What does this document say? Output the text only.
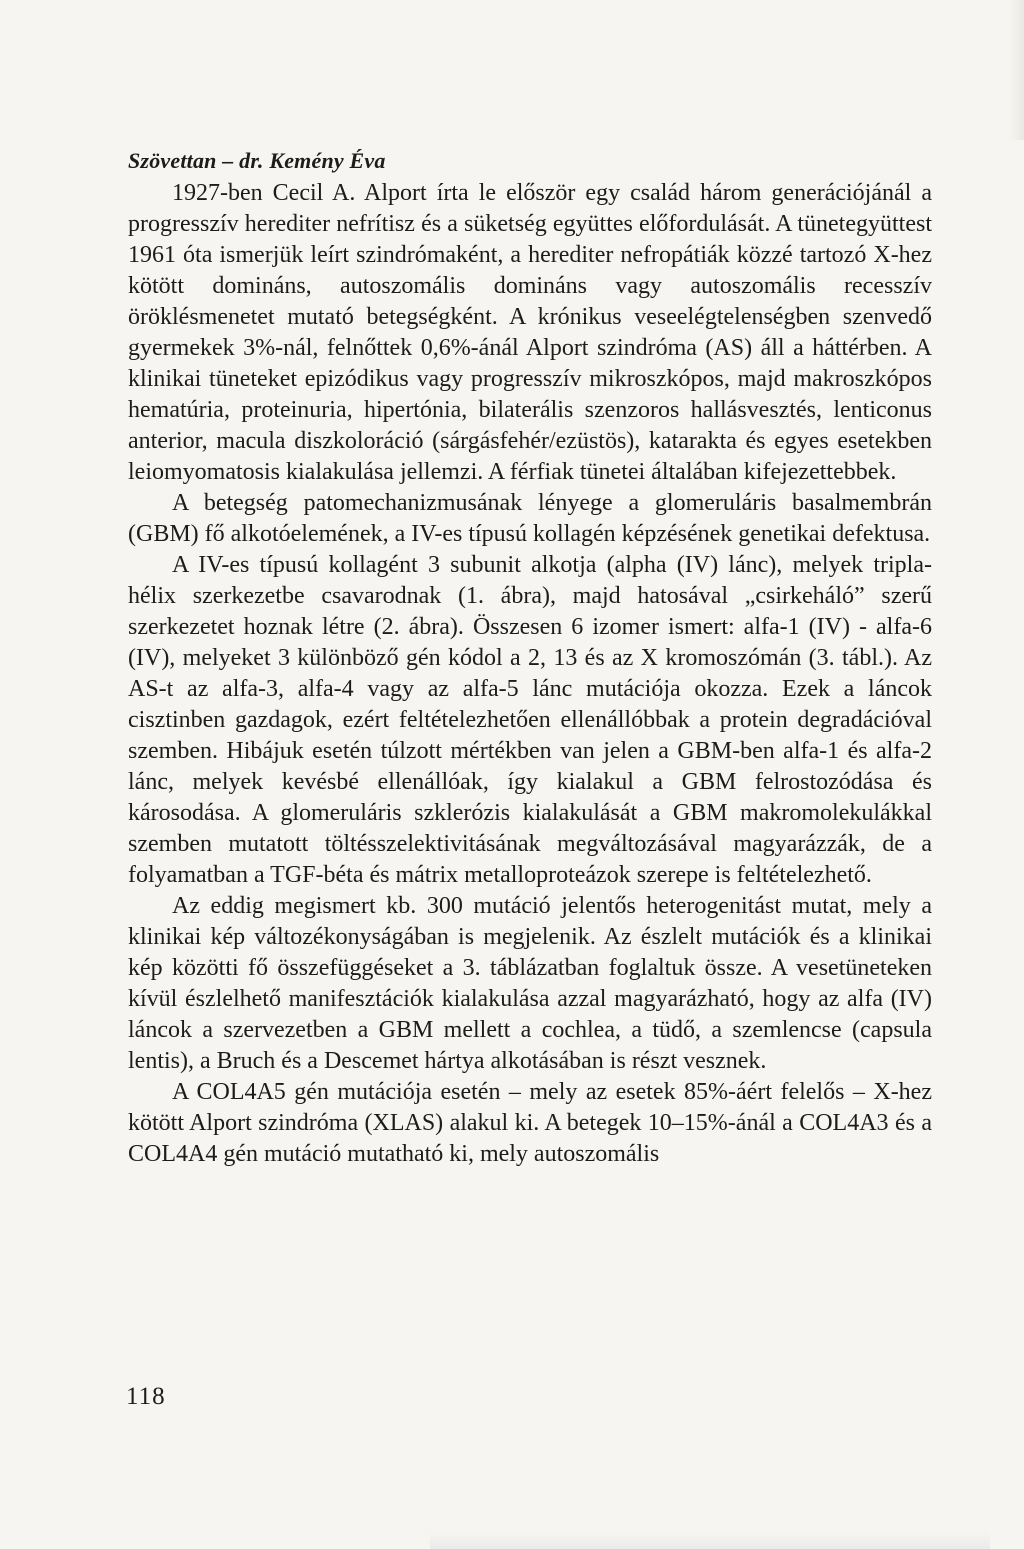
Szövettan – dr. Kemény Éva

1927-ben Cecil A. Alport írta le először egy család három generációjánál a progresszív herediter nefrítisz és a süketség együttes előfordulását. A tünetegyüttest 1961 óta ismerjük leírt szindrómaként, a herediter nefropátiák közzé tartozó X-hez kötött domináns, autoszomális domináns vagy autoszomális recesszív öröklésmenetet mutató betegségként. A krónikus veseelégtelenségben szenvedő gyermekek 3%-nál, felnőttek 0,6%-ánál Alport szindróma (AS) áll a háttérben. A klinikai tüneteket epizódikus vagy progresszív mikroszkópos, majd makroszkópos hematúria, proteinuria, hipertónia, bilaterális szenzoros hallásvesztés, lenticonus anterior, macula diszkoloráció (sárgásfehér/ezüstös), katarakta és egyes esetekben leiomyomatosis kialakulása jellemzi. A férfiak tünetei általában kifejezettebbek.

A betegség patomechanizmusának lényege a glomeruláris basalmembrán (GBM) fő alkotóelemének, a IV-es típusú kollagén képzésének genetikai defektusa.

A IV-es típusú kollagént 3 subunit alkotja (alpha (IV) lánc), melyek tripla-hélix szerkezetbe csavarodnak (1. ábra), majd hatosával „csirkeháló” szerű szerkezetet hoznak létre (2. ábra). Összesen 6 izomer ismert: alfa-1 (IV) - alfa-6 (IV), melyeket 3 különböző gén kódol a 2, 13 és az X kromoszómán (3. tábl.). Az AS-t az alfa-3, alfa-4 vagy az alfa-5 lánc mutációja okozza. Ezek a láncok cisztinben gazdagok, ezért feltételezhetően ellenállóbbak a protein degradációval szemben. Hibájuk esetén túlzott mértékben van jelen a GBM-ben alfa-1 és alfa-2 lánc, melyek kevésbé ellenállóak, így kialakul a GBM felrostozódása és károsodása. A glomeruláris szklerózis kialakulását a GBM makromolekulákkal szemben mutatott töltésszelektivitásának megváltozásával magyarázzák, de a folyamatban a TGF-béta és mátrix metalloproteázok szerepe is feltételezhető.

Az eddig megismert kb. 300 mutáció jelentős heterogenitást mutat, mely a klinikai kép változékonyságában is megjelenik. Az észlelt mutációk és a klinikai kép közötti fő összefüggéseket a 3. táblázatban foglaltuk össze. A vesetüneteken kívül észlelhető manifesztációk kialakulása azzal magyarázható, hogy az alfa (IV) láncok a szervezetben a GBM mellett a cochlea, a tüdő, a szemlencse (capsula lentis), a Bruch és a Descemet hártya alkotásában is részt vesznek.

A COL4A5 gén mutációja esetén – mely az esetek 85%-áért felelős – X-hez kötött Alport szindróma (XLAS) alakul ki. A betegek 10–15%-ánál a COL4A3 és a COL4A4 gén mutáció mutatható ki, mely autoszomális

118
